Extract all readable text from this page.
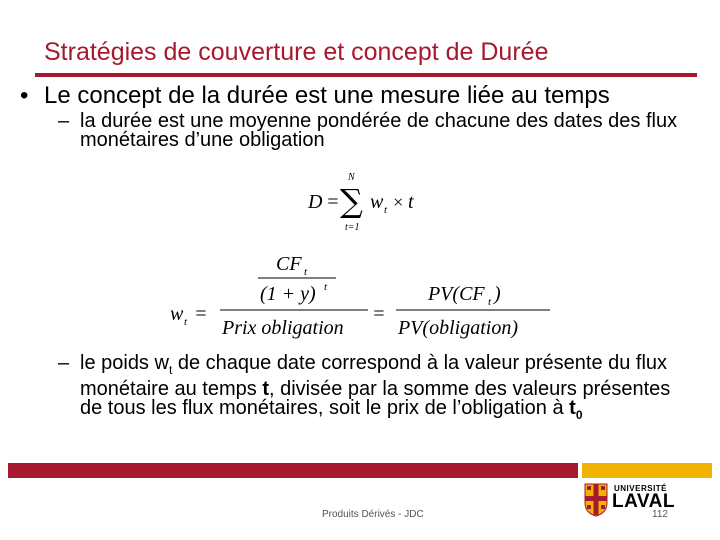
Stratégies de couverture et concept de Durée
• Le concept de la durée est une mesure liée au temps
– la durée est une moyenne pondérée de chacune des dates des flux monétaires d’une obligation
D =
N
∑
t=1
w t × t
w t =
CF t
(1 + y) t
Prix obligation
=
PV(CF t )
PV(obligation)
– le poids $w_t$ de chaque date correspond à la valeur présente du flux monétaire au temps t, divisée par la somme des valeurs présentes de tous les flux monétaires, soit le prix de l’obligation à $t_0$
Produits Dérivés - JDC	112
UNIVERSITÉ
LAVAL
